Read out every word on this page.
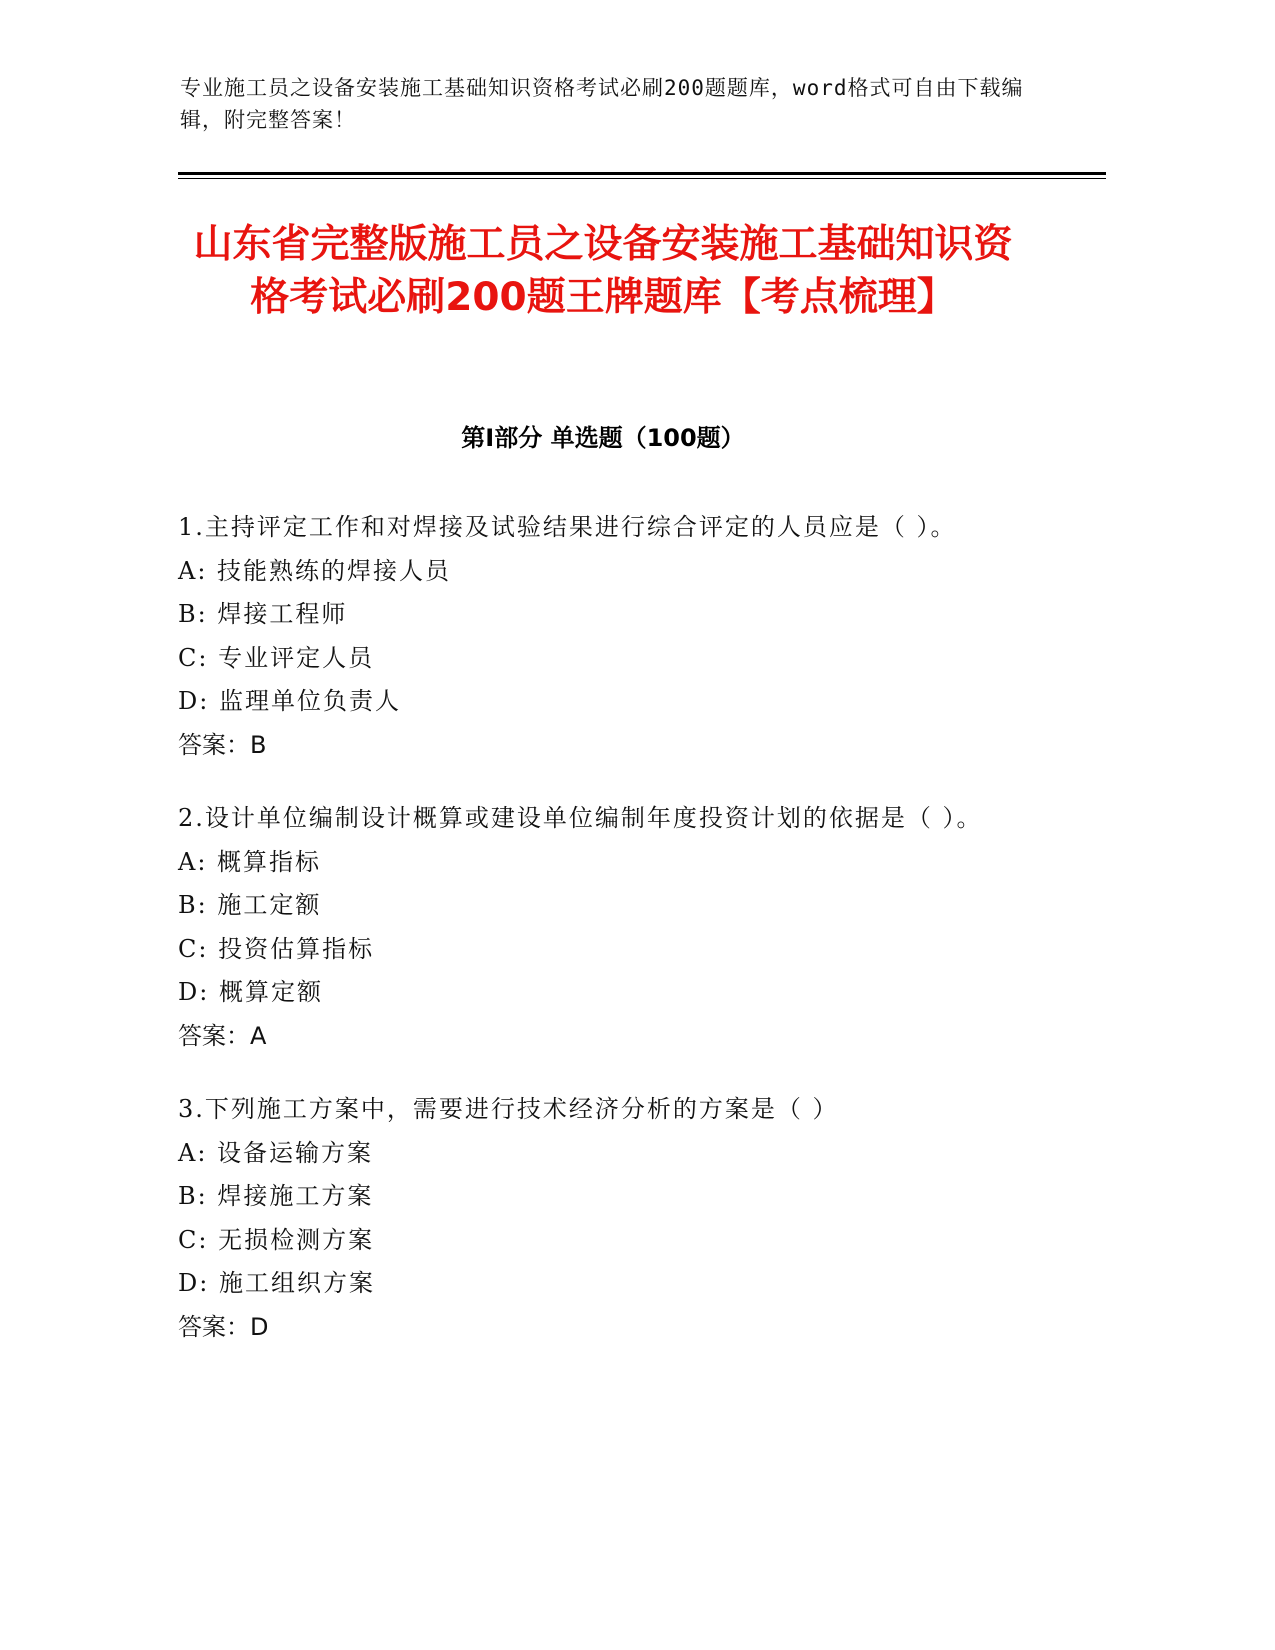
专业施工员之设备安装施工基础知识资格考试必刷200题题库，word格式可自由下载编辑，附完整答案！
山东省完整版施工员之设备安装施工基础知识资格考试必刷200题王牌题库【考点梳理】
第I部分 单选题（100题）
1.主持评定工作和对焊接及试验结果进行综合评定的人员应是（ ）。
A: 技能熟练的焊接人员
B: 焊接工程师
C: 专业评定人员
D: 监理单位负责人
答案：B
2.设计单位编制设计概算或建设单位编制年度投资计划的依据是（ ）。
A: 概算指标
B: 施工定额
C: 投资估算指标
D: 概算定额
答案：A
3.下列施工方案中，需要进行技术经济分析的方案是（ ）
A: 设备运输方案
B: 焊接施工方案
C: 无损检测方案
D: 施工组织方案
答案：D
